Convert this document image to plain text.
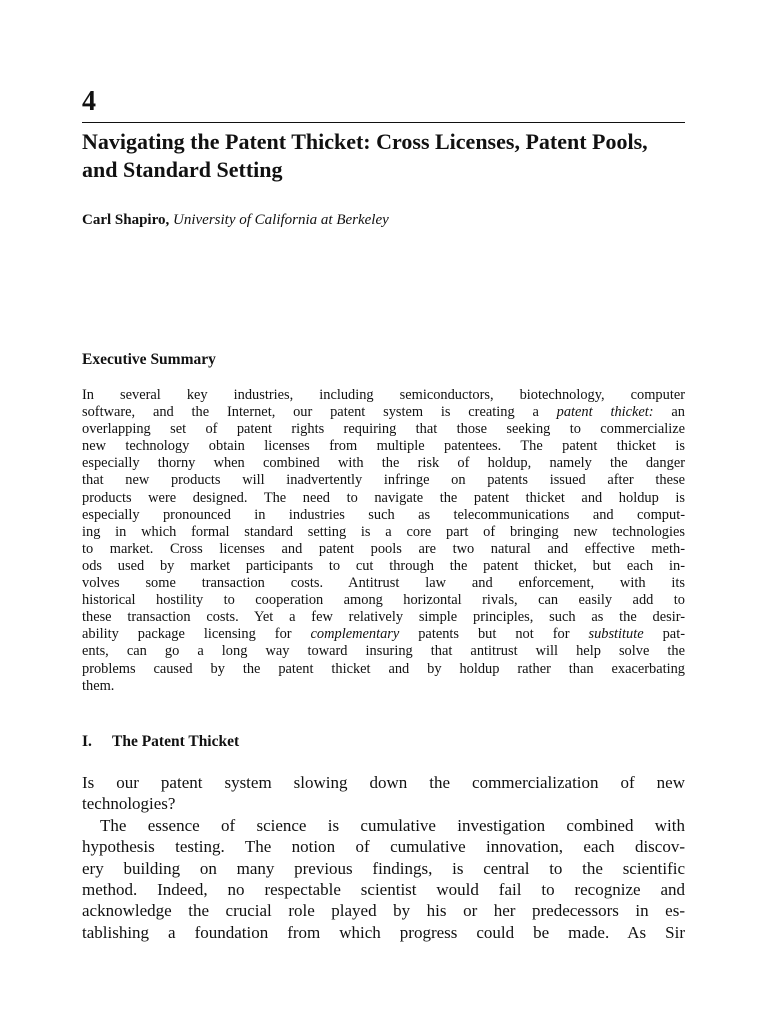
4
Navigating the Patent Thicket: Cross Licenses, Patent Pools, and Standard Setting
Carl Shapiro, University of California at Berkeley
Executive Summary
In several key industries, including semiconductors, biotechnology, computer
software, and the Internet, our patent system is creating a patent thicket: an
overlapping set of patent rights requiring that those seeking to commercialize
new technology obtain licenses from multiple patentees. The patent thicket is
especially thorny when combined with the risk of holdup, namely the danger
that new products will inadvertently infringe on patents issued after these
products were designed. The need to navigate the patent thicket and holdup is
especially pronounced in industries such as telecommunications and comput-
ing in which formal standard setting is a core part of bringing new technologies
to market. Cross licenses and patent pools are two natural and effective meth-
ods used by market participants to cut through the patent thicket, but each in-
volves some transaction costs. Antitrust law and enforcement, with its
historical hostility to cooperation among horizontal rivals, can easily add to
these transaction costs. Yet a few relatively simple principles, such as the desir-
ability package licensing for complementary patents but not for substitute pat-
ents, can go a long way toward insuring that antitrust will help solve the
problems caused by the patent thicket and by holdup rather than exacerbating
them.
I. The Patent Thicket
Is our patent system slowing down the commercialization of new
technologies?
The essence of science is cumulative investigation combined with
hypothesis testing. The notion of cumulative innovation, each discov-
ery building on many previous findings, is central to the scientific
method. Indeed, no respectable scientist would fail to recognize and
acknowledge the crucial role played by his or her predecessors in es-
tablishing a foundation from which progress could be made. As Sir
